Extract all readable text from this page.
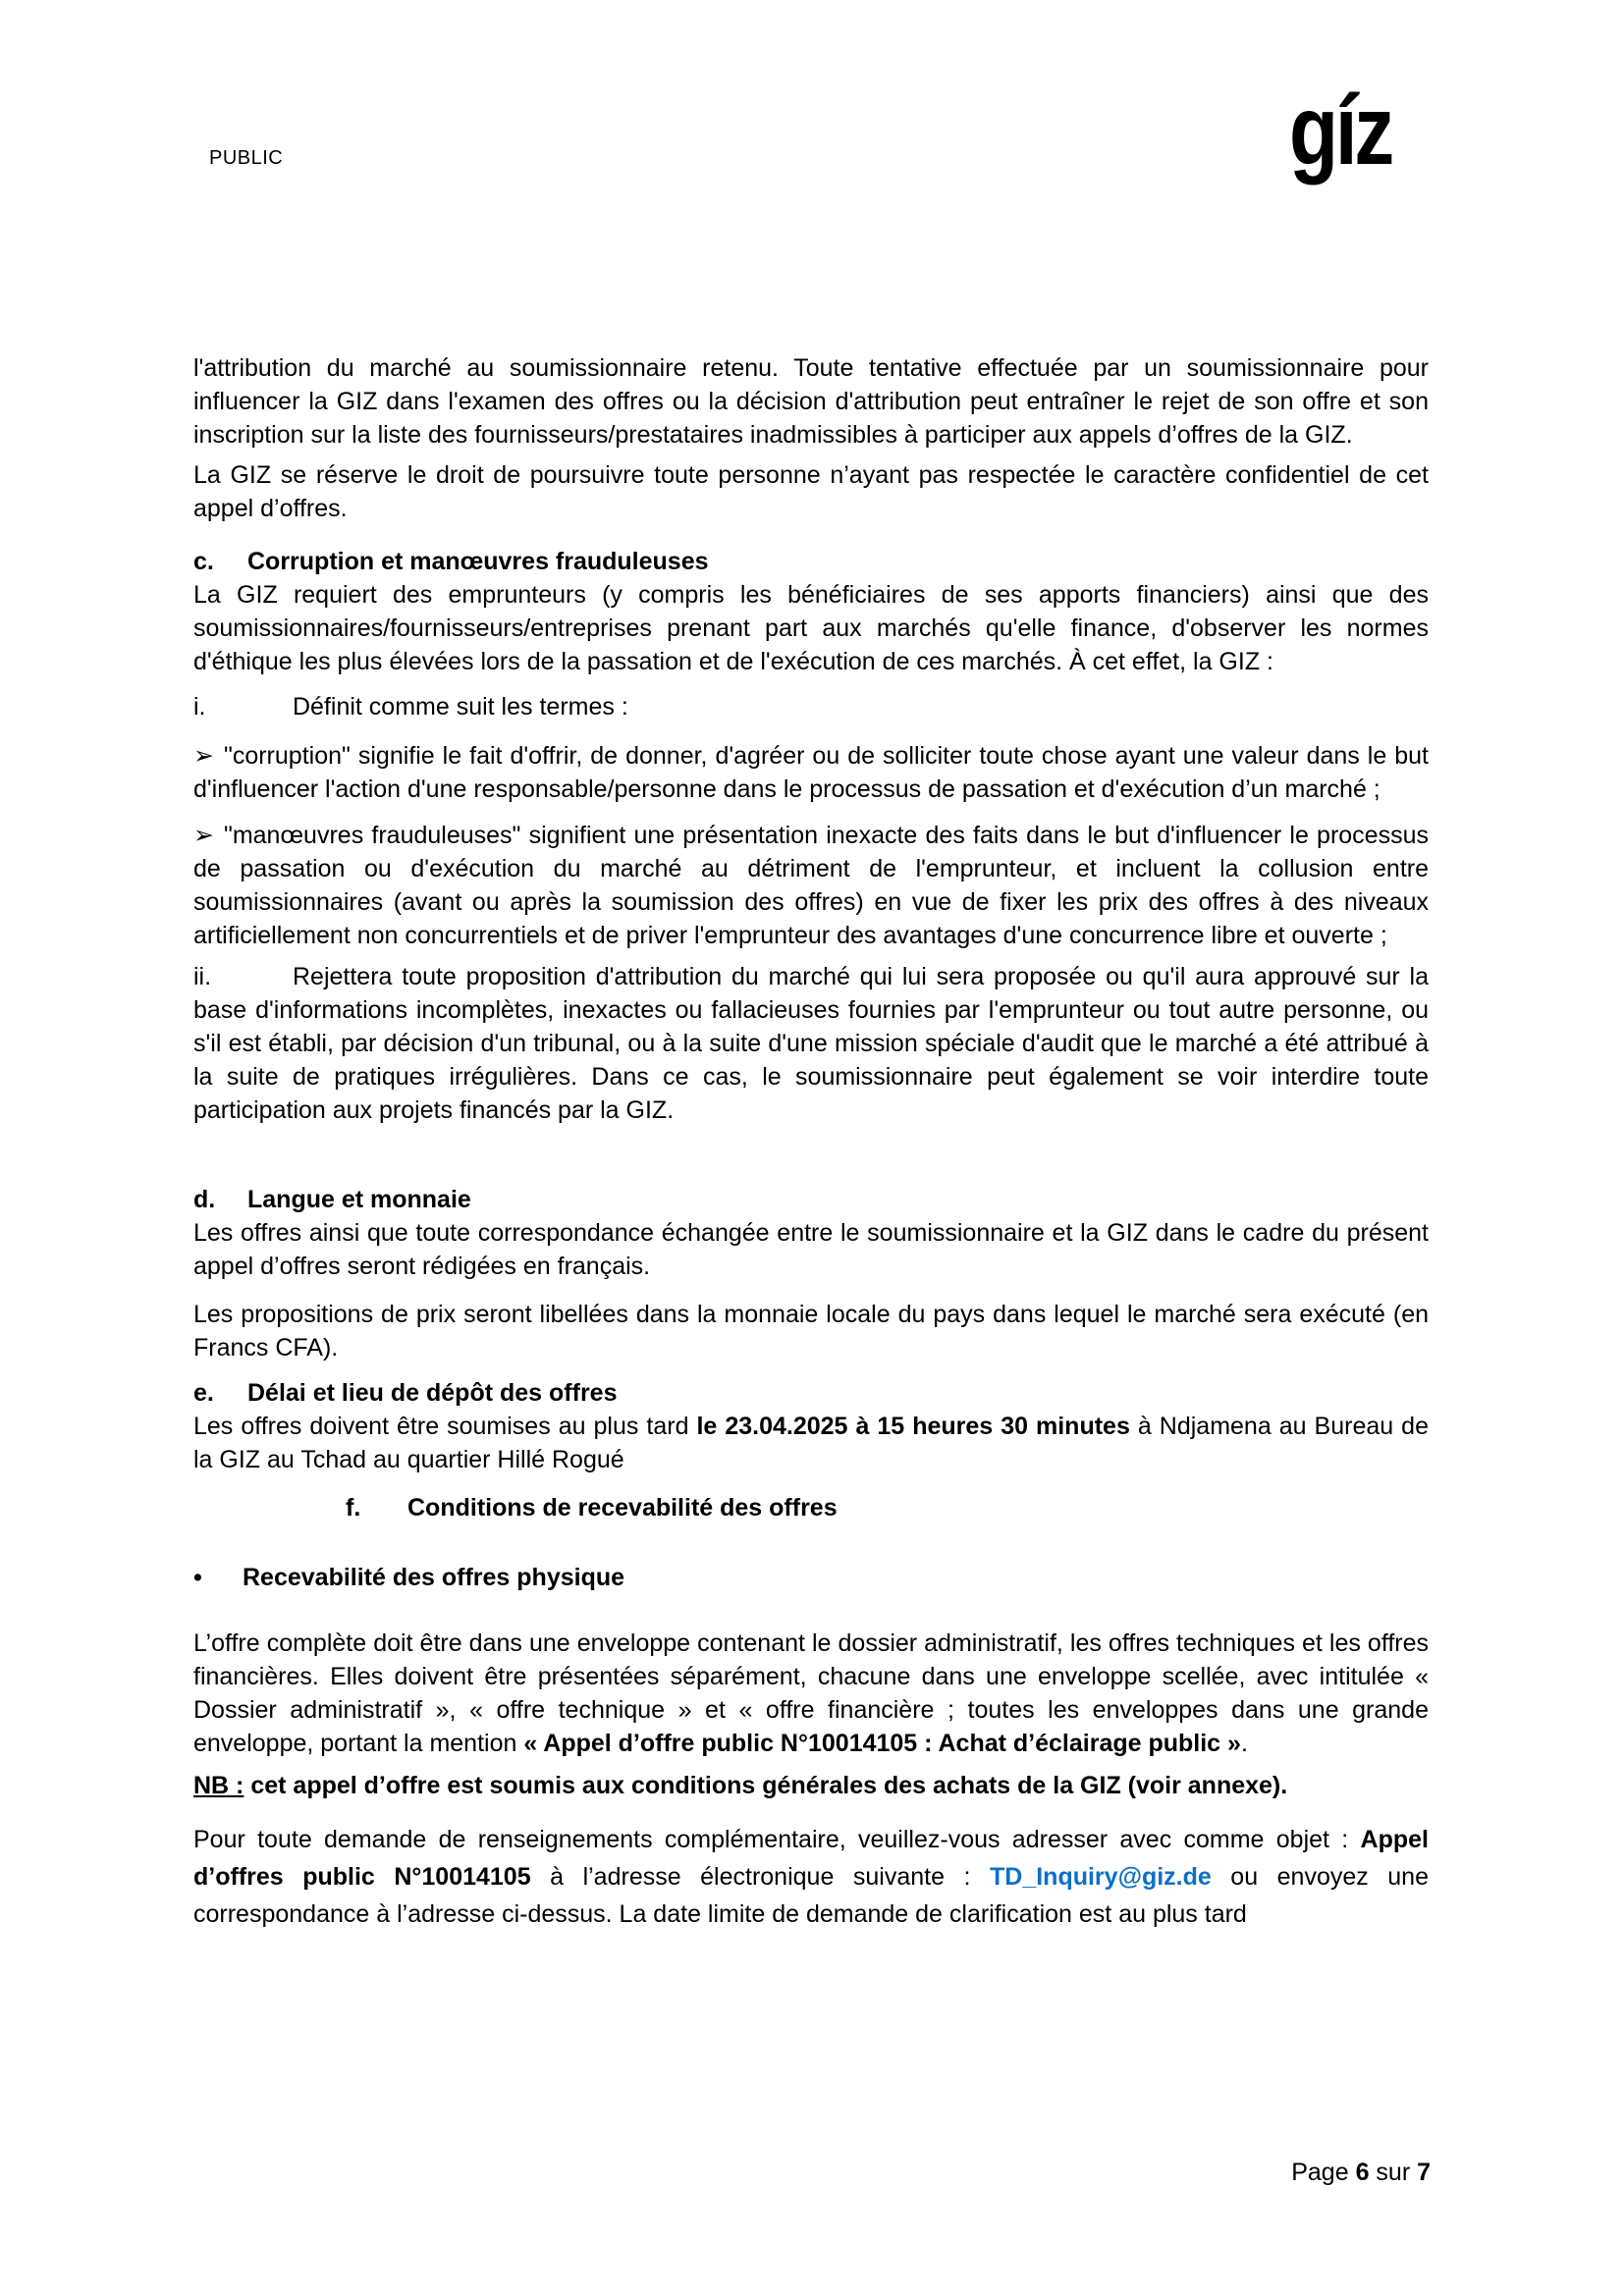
PUBLIC	gíz

l'attribution du marché au soumissionnaire retenu. Toute tentative effectuée par un soumissionnaire pour influencer la GIZ dans l'examen des offres ou la décision d'attribution peut entraîner le rejet de son offre et son inscription sur la liste des fournisseurs/prestataires inadmissibles à participer aux appels d’offres de la GIZ.

La GIZ se réserve le droit de poursuivre toute personne n’ayant pas respectée le caractère confidentiel de cet appel d’offres.

c. Corruption et manœuvres frauduleuses

La GIZ requiert des emprunteurs (y compris les bénéficiaires de ses apports financiers) ainsi que des soumissionnaires/fournisseurs/entreprises prenant part aux marchés qu'elle finance, d'observer les normes d'éthique les plus élevées lors de la passation et de l'exécution de ces marchés. À cet effet, la GIZ :

i.	Définit comme suit les termes :

➢ "corruption" signifie le fait d'offrir, de donner, d'agréer ou de solliciter toute chose ayant une valeur dans le but d'influencer l'action d'une responsable/personne dans le processus de passation et d'exécution d’un marché ;

➢ "manœuvres frauduleuses" signifient une présentation inexacte des faits dans le but d'influencer le processus de passation ou d'exécution du marché au détriment de l'emprunteur, et incluent la collusion entre soumissionnaires (avant ou après la soumission des offres) en vue de fixer les prix des offres à des niveaux artificiellement non concurrentiels et de priver l'emprunteur des avantages d'une concurrence libre et ouverte ;

ii.	Rejettera toute proposition d'attribution du marché qui lui sera proposée ou qu'il aura approuvé sur la base d'informations incomplètes, inexactes ou fallacieuses fournies par l'emprunteur ou tout autre personne, ou s'il est établi, par décision d'un tribunal, ou à la suite d'une mission spéciale d'audit que le marché a été attribué à la suite de pratiques irrégulières. Dans ce cas, le soumissionnaire peut également se voir interdire toute participation aux projets financés par la GIZ.

d. Langue et monnaie

Les offres ainsi que toute correspondance échangée entre le soumissionnaire et la GIZ dans le cadre du présent appel d’offres seront rédigées en français.

Les propositions de prix seront libellées dans la monnaie locale du pays dans lequel le marché sera exécuté (en Francs CFA).

e. Délai et lieu de dépôt des offres

Les offres doivent être soumises au plus tard le 23.04.2025 à 15 heures 30 minutes à Ndjamena au Bureau de la GIZ au Tchad au quartier Hillé Rogué

f. Conditions de recevabilité des offres

• Recevabilité des offres physique

L’offre complète doit être dans une enveloppe contenant le dossier administratif, les offres techniques et les offres financières. Elles doivent être présentées séparément, chacune dans une enveloppe scellée, avec intitulée « Dossier administratif », « offre technique » et « offre financière ; toutes les enveloppes dans une grande enveloppe, portant la mention « Appel d’offre public N°10014105 : Achat d’éclairage public ».

NB : cet appel d’offre est soumis aux conditions générales des achats de la GIZ (voir annexe).

Pour toute demande de renseignements complémentaire, veuillez-vous adresser avec comme objet : Appel d’offres public N°10014105 à l’adresse électronique suivante : TD_Inquiry@giz.de ou envoyez une correspondance à l’adresse ci-dessus. La date limite de demande de clarification est au plus tard

Page 6 sur 7
